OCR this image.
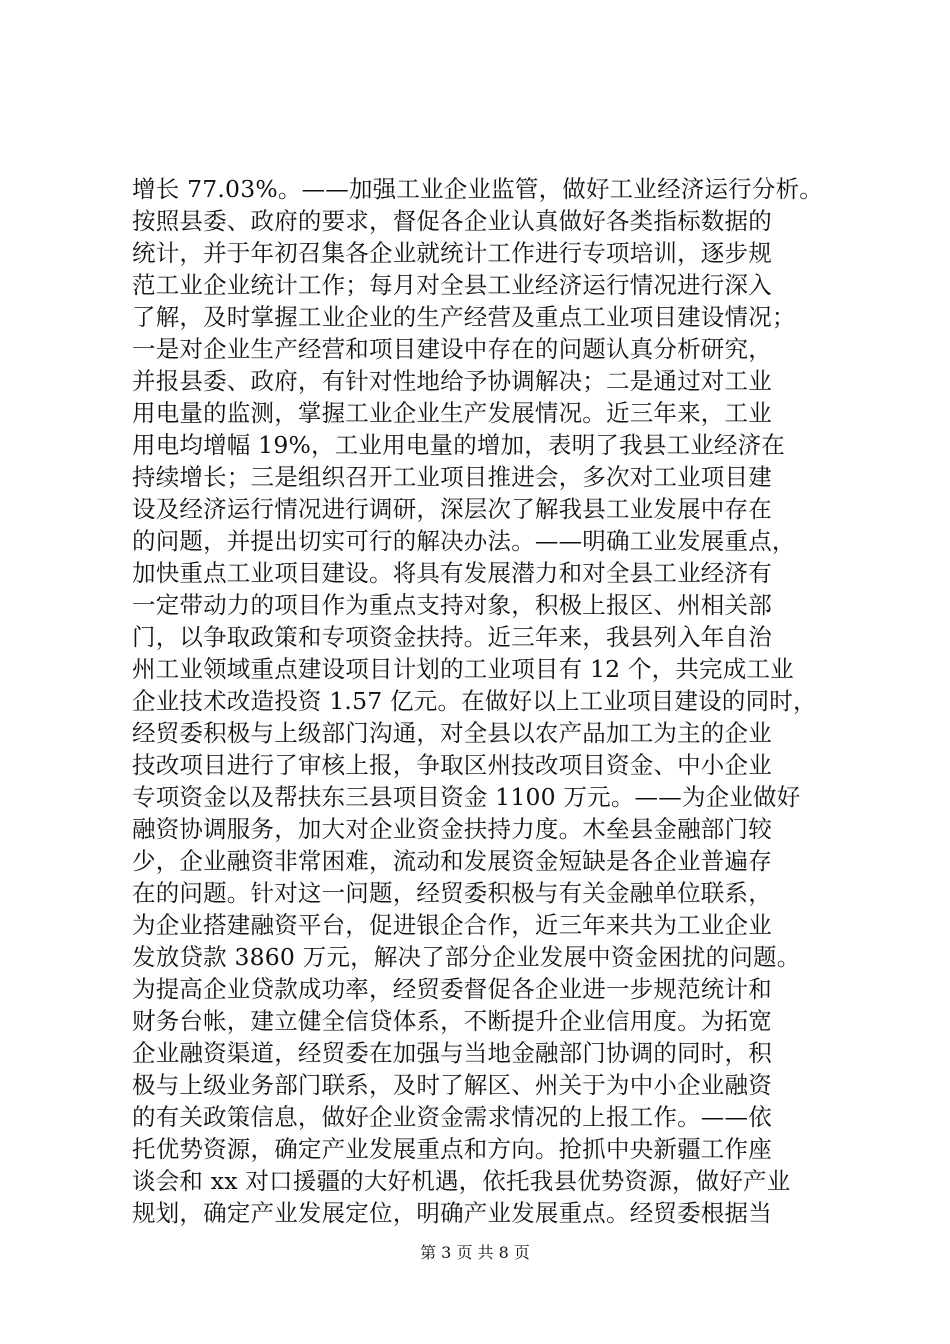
增长 77.03%。——加强工业企业监管，做好工业经济运行分析。
按照县委、政府的要求，督促各企业认真做好各类指标数据的
统计，并于年初召集各企业就统计工作进行专项培训，逐步规
范工业企业统计工作；每月对全县工业经济运行情况进行深入
了解，及时掌握工业企业的生产经营及重点工业项目建设情况；
一是对企业生产经营和项目建设中存在的问题认真分析研究，
并报县委、政府，有针对性地给予协调解决；二是通过对工业
用电量的监测，掌握工业企业生产发展情况。近三年来，工业
用电均增幅 19%，工业用电量的增加，表明了我县工业经济在
持续增长；三是组织召开工业项目推进会，多次对工业项目建
设及经济运行情况进行调研，深层次了解我县工业发展中存在
的问题，并提出切实可行的解决办法。——明确工业发展重点，
加快重点工业项目建设。将具有发展潜力和对全县工业经济有
一定带动力的项目作为重点支持对象，积极上报区、州相关部
门，以争取政策和专项资金扶持。近三年来，我县列入年自治
州工业领域重点建设项目计划的工业项目有 12 个，共完成工业
企业技术改造投资 1.57 亿元。在做好以上工业项目建设的同时，
经贸委积极与上级部门沟通，对全县以农产品加工为主的企业
技改项目进行了审核上报，争取区州技改项目资金、中小企业
专项资金以及帮扶东三县项目资金 1100 万元。——为企业做好
融资协调服务，加大对企业资金扶持力度。木垒县金融部门较
少，企业融资非常困难，流动和发展资金短缺是各企业普遍存
在的问题。针对这一问题，经贸委积极与有关金融单位联系，
为企业搭建融资平台，促进银企合作，近三年来共为工业企业
发放贷款 3860 万元，解决了部分企业发展中资金困扰的问题。
为提高企业贷款成功率，经贸委督促各企业进一步规范统计和
财务台帐，建立健全信贷体系，不断提升企业信用度。为拓宽
企业融资渠道，经贸委在加强与当地金融部门协调的同时，积
极与上级业务部门联系，及时了解区、州关于为中小企业融资
的有关政策信息，做好企业资金需求情况的上报工作。——依
托优势资源，确定产业发展重点和方向。抢抓中央新疆工作座
谈会和 xx 对口援疆的大好机遇，依托我县优势资源，做好产业
规划，确定产业发展定位，明确产业发展重点。经贸委根据当
第 3 页 共 8 页
